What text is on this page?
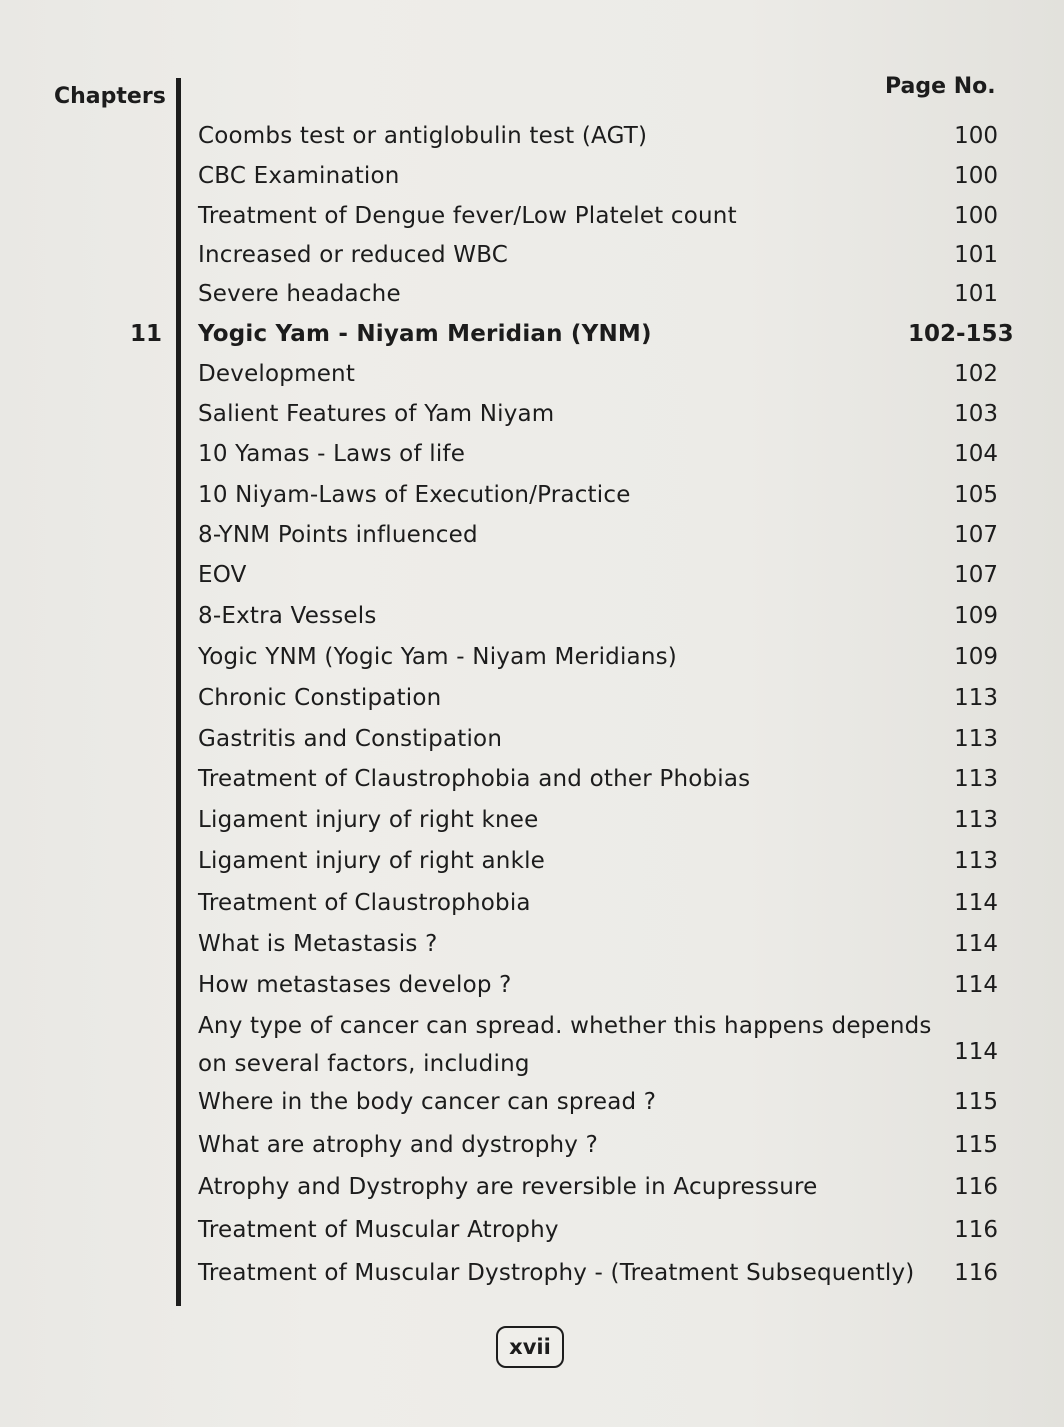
Chapters	Page No.
Coombs test or antiglobulin test (AGT)	100
CBC Examination	100
Treatment of Dengue fever/Low Platelet count	100
Increased or reduced WBC	101
Severe headache	101
11 Yogic Yam - Niyam Meridian (YNM)	102-153
Development	102
Salient Features of Yam Niyam	103
10 Yamas - Laws of life	104
10 Niyam-Laws of Execution/Practice	105
8-YNM Points influenced	107
EOV	107
8-Extra Vessels	109
Yogic YNM (Yogic Yam - Niyam Meridians)	109
Chronic Constipation	113
Gastritis and Constipation	113
Treatment of Claustrophobia and other Phobias	113
Ligament injury of right knee	113
Ligament injury of right ankle	113
Treatment of Claustrophobia	114
What is Metastasis ?	114
How metastases develop ?	114
Any type of cancer can spread. whether this happens depends on several factors, including	114
Where in the body cancer can spread ?	115
What are atrophy and dystrophy ?	115
Atrophy and Dystrophy are reversible in Acupressure	116
Treatment of Muscular Atrophy	116
Treatment of Muscular Dystrophy - (Treatment Subsequently)	116
xvii
